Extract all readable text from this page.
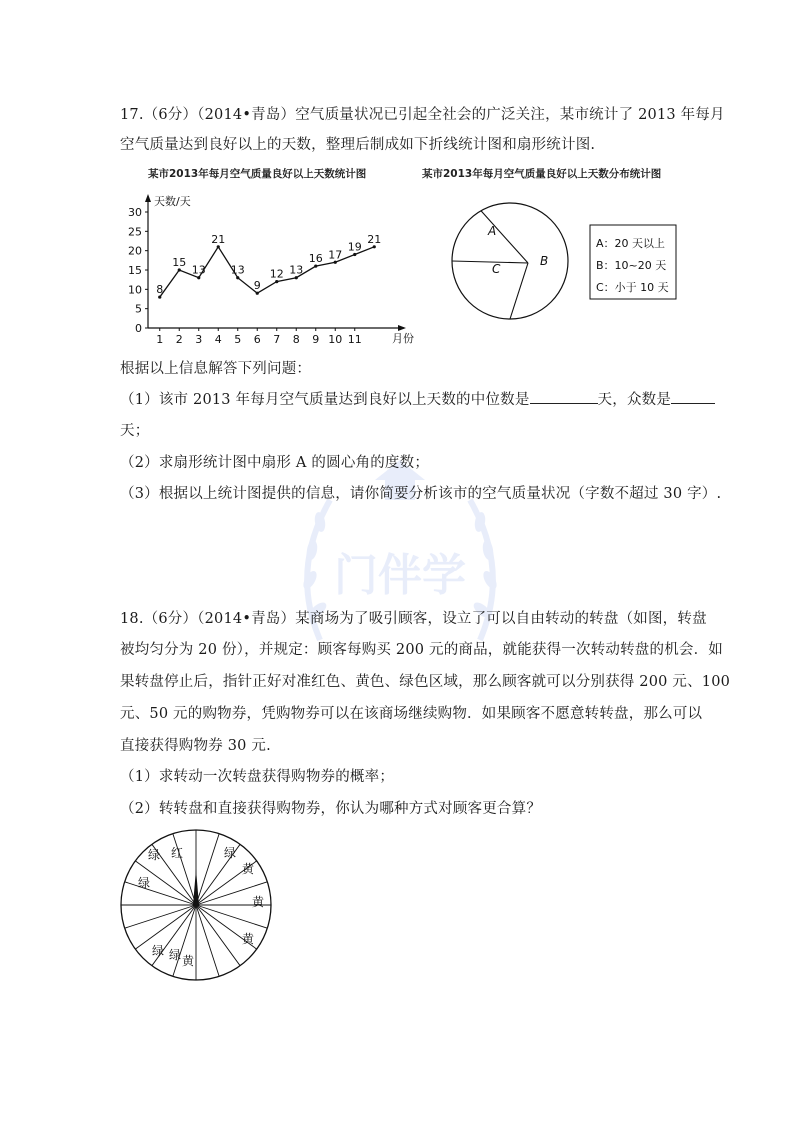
门伴学
17.（6分）（2014•青岛）空气质量状况已引起全社会的广泛关注，某市统计了 2013 年每月
空气质量达到良好以上的天数，整理后制成如下折线统计图和扇形统计图.
某市2013年每月空气质量良好以上天数统计图	某市2013年每月空气质量良好以上天数分布统计图
天数/天
月份
0
5
10
15
20
25
30
1 2 3 4 5 6 7 8 9 10 11
8
15
13
21
13
9
12 13
16 17
19
21
A
B
C
A：20 天以上
B：10~20 天
C：小于 10 天
根据以上信息解答下列问题：
（1）该市 2013 年每月空气质量达到良好以上天数的中位数是	天，众数是
天；
（2）求扇形统计图中扇形 A 的圆心角的度数；
（3）根据以上统计图提供的信息，请你简要分析该市的空气质量状况（字数不超过 30 字）.
18.（6分）（2014•青岛）某商场为了吸引顾客，设立了可以自由转动的转盘（如图，转盘
被均匀分为 20 份），并规定：顾客每购买 200 元的商品，就能获得一次转动转盘的机会．如
果转盘停止后，指针正好对准红色、黄色、绿色区域，那么顾客就可以分别获得 200 元、100
元、50 元的购物券，凭购物券可以在该商场继续购物．如果顾客不愿意转转盘，那么可以
直接获得购物券 30 元.
（1）求转动一次转盘获得购物券的概率；
（2）转转盘和直接获得购物券，你认为哪种方式对顾客更合算？
红
绿
黄
绿
黄
黄
绿
黄
绿
绿
